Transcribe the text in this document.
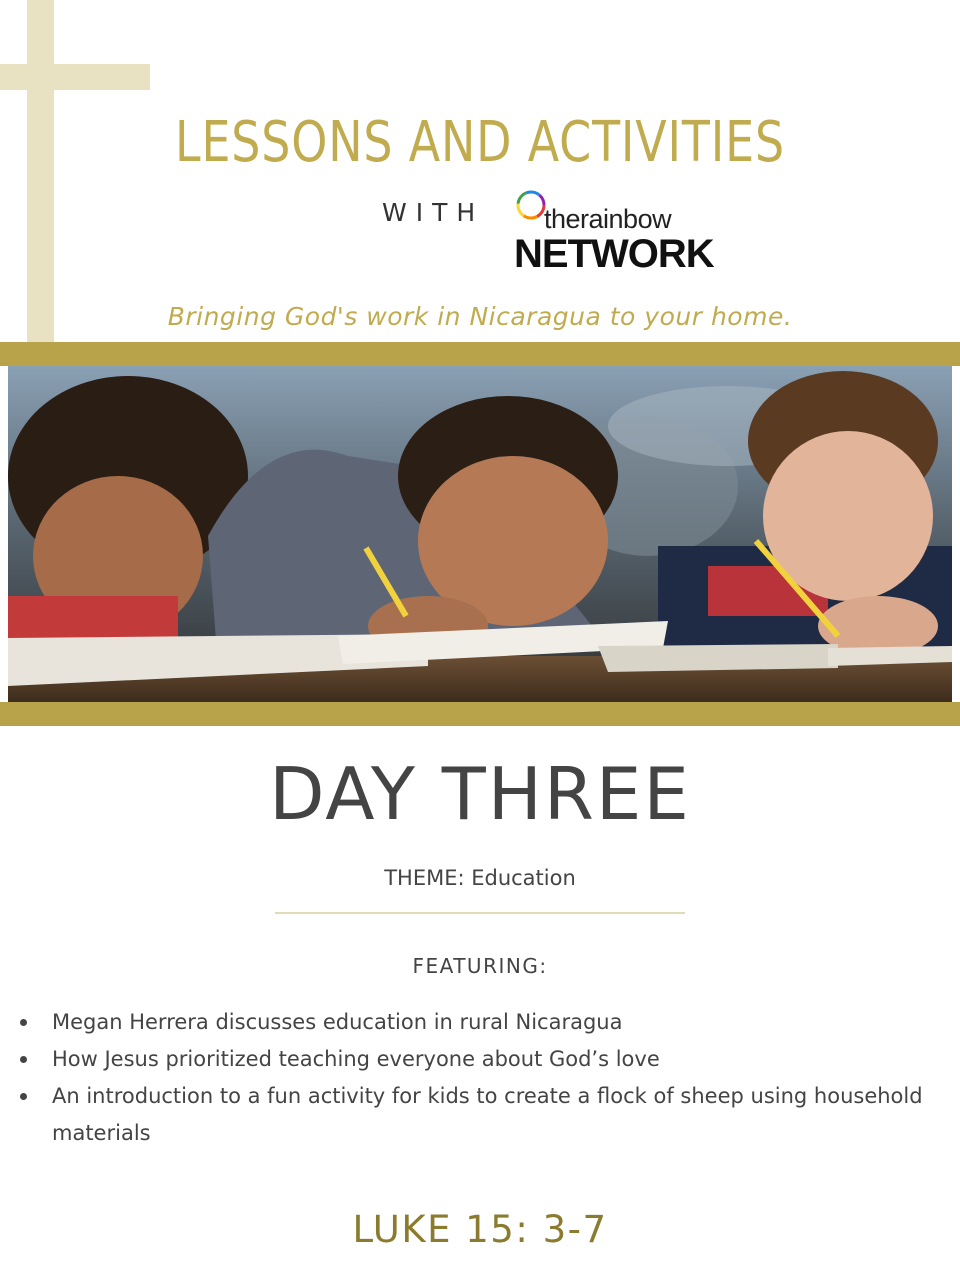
LESSONS AND ACTIVITIES
WITH therainbow
NETWORK
Bringing God's work in Nicaragua to your home.
DAY THREE
THEME: Education
FEATURING:
Megan Herrera discusses education in rural Nicaragua
How Jesus prioritized teaching everyone about God’s love
An introduction to a fun activity for kids to create a flock of sheep using household materials
LUKE 15: 3-7
